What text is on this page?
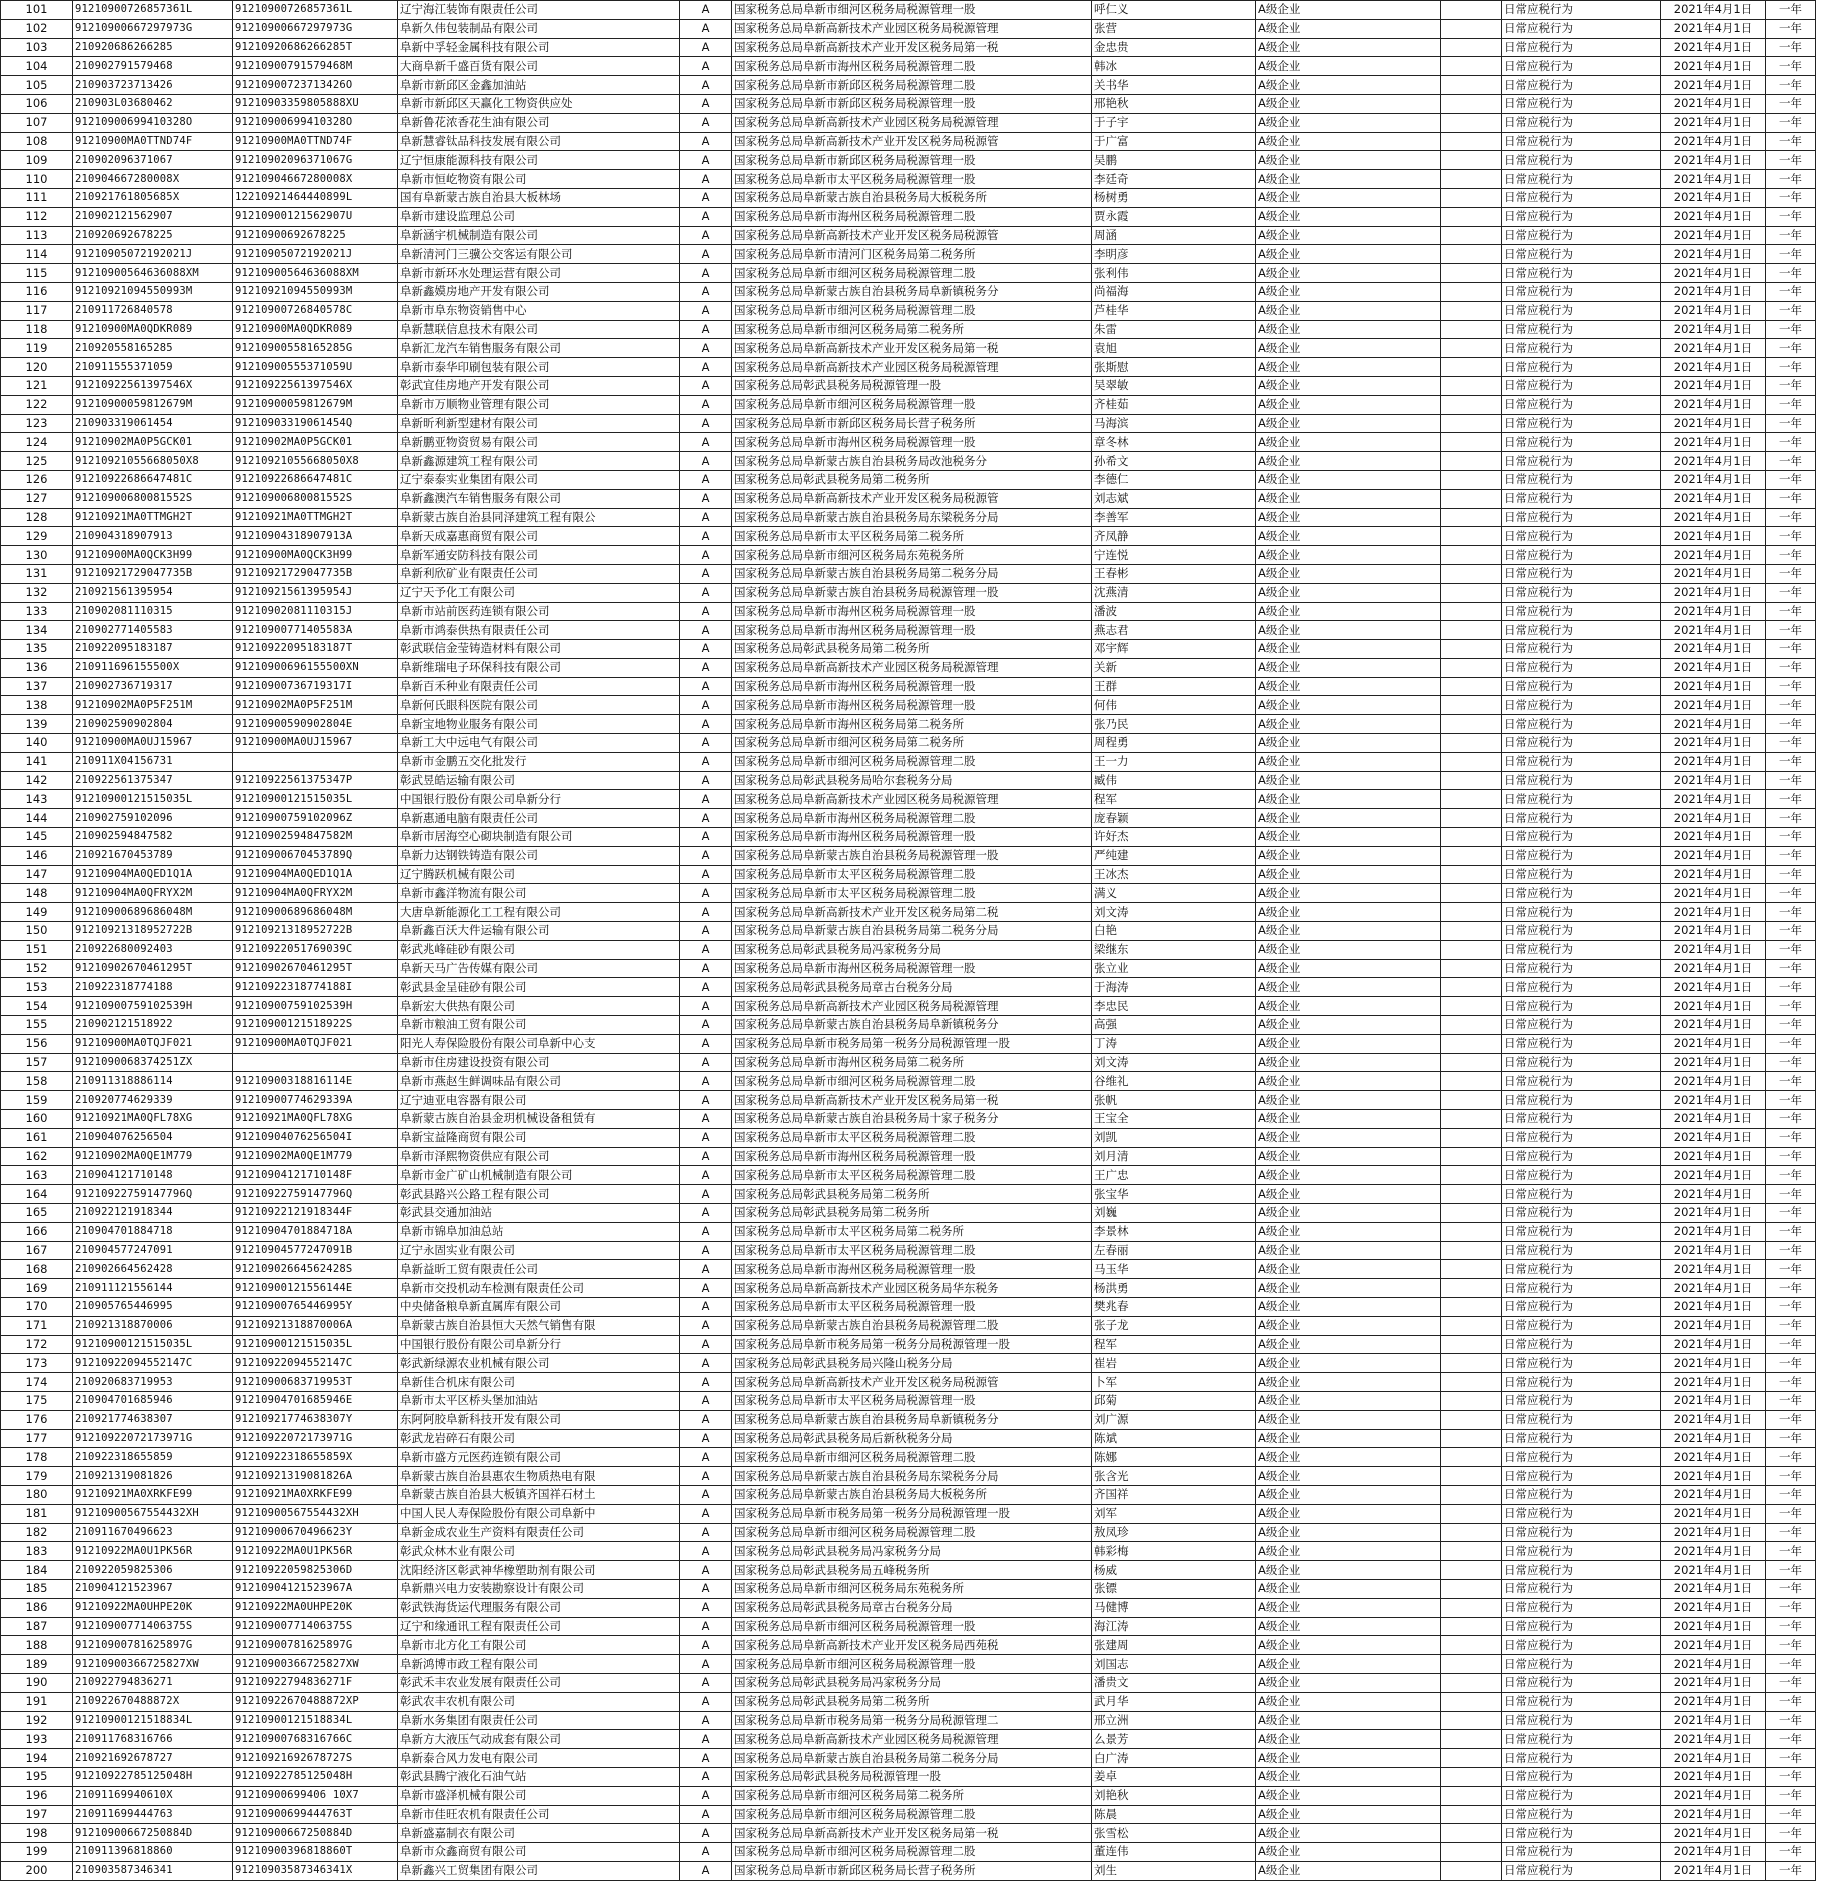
101	91210900726857361L	91210900726857361L	辽宁海江装饰有限责任公司	A	国家税务总局阜新市细河区税务局税源管理一股	呼仁义	A级企业		日常应税行为	2021年4月1日	一年
102	91210900667297973G	91210900667297973G	阜新久伟包装制品有限公司	A	国家税务总局阜新高新技术产业园区税务局税源管理	张营	A级企业		日常应税行为	2021年4月1日	一年
103	210920686266285	91210920686266285T	阜新中孚轻金属科技有限公司	A	国家税务总局阜新高新技术产业开发区税务局第一税	金忠贵	A级企业		日常应税行为	2021年4月1日	一年
104	210902791579468	91210900791579468M	大商阜新千盛百货有限公司	A	国家税务总局阜新市海州区税务局税源管理二股	韩冰	A级企业		日常应税行为	2021年4月1日	一年
105	210903723713426	91210900723713426O	阜新市新邱区金鑫加油站	A	国家税务总局阜新市新邱区税务局税源管理二股	关书华	A级企业		日常应税行为	2021年4月1日	一年
106	210903L03680462	91210903359805888XU	阜新市新邱区天赢化工物资供应处	A	国家税务总局阜新市新邱区税务局税源管理一股	邢艳秋	A级企业		日常应税行为	2021年4月1日	一年
107	91210900699410328O	91210900699410328O	阜新鲁花浓香花生油有限公司	A	国家税务总局阜新高新技术产业园区税务局税源管理	于子宇	A级企业		日常应税行为	2021年4月1日	一年
108	91210900MA0TTND74F	91210900MA0TTND74F	阜新慧睿钛品科技发展有限公司	A	国家税务总局阜新高新技术产业开发区税务局税源管	于广富	A级企业		日常应税行为	2021年4月1日	一年
109	210902096371067	91210902096371067G	辽宁恒康能源科技有限公司	A	国家税务总局阜新市新邱区税务局税源管理一股	吴鹏	A级企业		日常应税行为	2021年4月1日	一年
110	210904667280008X	91210904667280008X	阜新市恒屹物资有限公司	A	国家税务总局阜新市太平区税务局税源管理一股	李廷奇	A级企业		日常应税行为	2021年4月1日	一年
111	210921761805685X	12210921464440899L	国有阜新蒙古族自治县大板林场	A	国家税务总局阜新蒙古族自治县税务局大板税务所	杨树勇	A级企业		日常应税行为	2021年4月1日	一年
112	210902121562907	91210900121562907U	阜新市建设监理总公司	A	国家税务总局阜新市海州区税务局税源管理二股	贾永霞	A级企业		日常应税行为	2021年4月1日	一年
113	210920692678225	91210900692678225	阜新涵宇机械制造有限公司	A	国家税务总局阜新高新技术产业开发区税务局税源管	周涵	A级企业		日常应税行为	2021年4月1日	一年
114	91210905072192021J	91210905072192021J	阜新清河门三骥公交客运有限公司	A	国家税务总局阜新市清河门区税务局第二税务所	李明彦	A级企业		日常应税行为	2021年4月1日	一年
115	91210900564636088XM	91210900564636088XM	阜新市新环水处理运营有限公司	A	国家税务总局阜新市细河区税务局税源管理二股	张利伟	A级企业		日常应税行为	2021年4月1日	一年
116	91210921094550993M	91210921094550993M	阜新鑫嫫房地产开发有限公司	A	国家税务总局阜新蒙古族自治县税务局阜新镇税务分	尚福海	A级企业		日常应税行为	2021年4月1日	一年
117	210911726840578	91210900726840578C	阜新市阜东物资销售中心	A	国家税务总局阜新市细河区税务局税源管理二股	芦桂华	A级企业		日常应税行为	2021年4月1日	一年
118	91210900MA0QDKR089	91210900MA0QDKR089	阜新慧联信息技术有限公司	A	国家税务总局阜新市细河区税务局第二税务所	朱雷	A级企业		日常应税行为	2021年4月1日	一年
119	210920558165285	91210900558165285G	阜新汇龙汽车销售服务有限公司	A	国家税务总局阜新高新技术产业开发区税务局第一税	袁旭	A级企业		日常应税行为	2021年4月1日	一年
120	210911555371059	91210900555371059U	阜新市泰华印刷包装有限公司	A	国家税务总局阜新高新技术产业园区税务局税源管理	张斯慰	A级企业		日常应税行为	2021年4月1日	一年
121	91210922561397546X	91210922561397546X	彰武宜佳房地产开发有限公司	A	国家税务总局彰武县税务局税源管理一股	吴翠敏	A级企业		日常应税行为	2021年4月1日	一年
122	91210900059812679M	91210900059812679M	阜新市万顺物业管理有限公司	A	国家税务总局阜新市细河区税务局税源管理一股	齐桂茹	A级企业		日常应税行为	2021年4月1日	一年
123	210903319061454	91210903319061454Q	阜新昕利新型建材有限公司	A	国家税务总局阜新市新邱区税务局长营子税务所	马海滨	A级企业		日常应税行为	2021年4月1日	一年
124	91210902MA0P5GCK01	91210902MA0P5GCK01	阜新鹏亚物资贸易有限公司	A	国家税务总局阜新市海州区税务局税源管理一股	章冬林	A级企业		日常应税行为	2021年4月1日	一年
125	91210921055668050X8	91210921055668050X8	阜新鑫源建筑工程有限公司	A	国家税务总局阜新蒙古族自治县税务局改池税务分	孙希文	A级企业		日常应税行为	2021年4月1日	一年
126	91210922686647481C	91210922686647481C	辽宁泰泰实业集团有限公司	A	国家税务总局彰武县税务局第二税务所	李德仁	A级企业		日常应税行为	2021年4月1日	一年
127	91210900680081552S	91210900680081552S	阜新鑫澳汽车销售服务有限公司	A	国家税务总局阜新高新技术产业开发区税务局税源管	刘志斌	A级企业		日常应税行为	2021年4月1日	一年
128	91210921MA0TTMGH2T	91210921MA0TTMGH2T	阜新蒙古族自治县同泽建筑工程有限公	A	国家税务总局阜新蒙古族自治县税务局东梁税务分局	李善军	A级企业		日常应税行为	2021年4月1日	一年
129	210904318907913	91210904318907913A	阜新天成嘉惠商贸有限公司	A	国家税务总局阜新市太平区税务局第二税务所	齐凤静	A级企业		日常应税行为	2021年4月1日	一年
130	91210900MA0QCK3H99	91210900MA0QCK3H99	阜新军通安防科技有限公司	A	国家税务总局阜新市细河区税务局东苑税务所	宁连悦	A级企业		日常应税行为	2021年4月1日	一年
131	91210921729047735B	91210921729047735B	阜新利欣矿业有限责任公司	A	国家税务总局阜新蒙古族自治县税务局第二税务分局	王春彬	A级企业		日常应税行为	2021年4月1日	一年
132	210921561395954	91210921561395954J	辽宁天予化工有限公司	A	国家税务总局阜新蒙古族自治县税务局税源管理一股	沈燕清	A级企业		日常应税行为	2021年4月1日	一年
133	210902081110315	91210902081110315J	阜新市站前医药连锁有限公司	A	国家税务总局阜新市海州区税务局税源管理一股	潘波	A级企业		日常应税行为	2021年4月1日	一年
134	210902771405583	91210900771405583A	阜新市鸿泰供热有限责任公司	A	国家税务总局阜新市海州区税务局税源管理一股	燕志君	A级企业		日常应税行为	2021年4月1日	一年
135	210922095183187	91210922095183187T	彰武联信金莹铸造材料有限公司	A	国家税务总局彰武县税务局第二税务所	邓宇辉	A级企业		日常应税行为	2021年4月1日	一年
136	210911696155500X	91210900696155500XN	阜新维瑞电子环保科技有限公司	A	国家税务总局阜新高新技术产业园区税务局税源管理	关新	A级企业		日常应税行为	2021年4月1日	一年
137	210902736719317	91210900736719317I	阜新百禾种业有限责任公司	A	国家税务总局阜新市海州区税务局税源管理一股	王群	A级企业		日常应税行为	2021年4月1日	一年
138	91210902MA0P5F251M	91210902MA0P5F251M	阜新何氏眼科医院有限公司	A	国家税务总局阜新市海州区税务局税源管理一股	何伟	A级企业		日常应税行为	2021年4月1日	一年
139	210902590902804	91210900590902804E	阜新宝地物业服务有限公司	A	国家税务总局阜新市海州区税务局第二税务所	张乃民	A级企业		日常应税行为	2021年4月1日	一年
140	91210900MA0UJ15967	91210900MA0UJ15967	阜新工大中远电气有限公司	A	国家税务总局阜新市细河区税务局第二税务所	周程勇	A级企业		日常应税行为	2021年4月1日	一年
141	210911X04156731		阜新市金鹏五交化批发行	A	国家税务总局阜新市细河区税务局税源管理二股	王一力	A级企业		日常应税行为	2021年4月1日	一年
142	210922561375347	91210922561375347P	彰武昱皓运输有限公司	A	国家税务总局彰武县税务局哈尔套税务分局	臧伟	A级企业		日常应税行为	2021年4月1日	一年
143	91210900121515035L	91210900121515035L	中国银行股份有限公司阜新分行	A	国家税务总局阜新高新技术产业园区税务局税源管理	程军	A级企业		日常应税行为	2021年4月1日	一年
144	210902759102096	91210900759102096Z	阜新惠通电脑有限责任公司	A	国家税务总局阜新市海州区税务局税源管理二股	庞春颖	A级企业		日常应税行为	2021年4月1日	一年
145	210902594847582	91210902594847582M	阜新市居海空心砌块制造有限公司	A	国家税务总局阜新市海州区税务局税源管理一股	许好杰	A级企业		日常应税行为	2021年4月1日	一年
146	210921670453789	91210900670453789Q	阜新力达钢铁铸造有限公司	A	国家税务总局阜新蒙古族自治县税务局税源管理一股	严纯建	A级企业		日常应税行为	2021年4月1日	一年
147	91210904MA0QED1Q1A	91210904MA0QED1Q1A	辽宁腾跃机械有限公司	A	国家税务总局阜新市太平区税务局税源管理二股	王冰杰	A级企业		日常应税行为	2021年4月1日	一年
148	91210904MA0QFRYX2M	91210904MA0QFRYX2M	阜新市鑫洋物流有限公司	A	国家税务总局阜新市太平区税务局税源管理二股	满义	A级企业		日常应税行为	2021年4月1日	一年
149	91210900689686048M	91210900689686048M	大唐阜新能源化工工程有限公司	A	国家税务总局阜新高新技术产业开发区税务局第二税	刘文涛	A级企业		日常应税行为	2021年4月1日	一年
150	91210921318952722B	91210921318952722B	阜新鑫百沃大件运输有限公司	A	国家税务总局阜新蒙古族自治县税务局第二税务分局	白艳	A级企业		日常应税行为	2021年4月1日	一年
151	210922680092403	91210922051769039C	彰武兆峰硅砂有限公司	A	国家税务总局彰武县税务局冯家税务分局	梁继东	A级企业		日常应税行为	2021年4月1日	一年
152	91210902670461295T	91210902670461295T	阜新天马广告传媒有限公司	A	国家税务总局阜新市海州区税务局税源管理一股	张立业	A级企业		日常应税行为	2021年4月1日	一年
153	210922318774188	91210922318774188I	彰武县金呈硅砂有限公司	A	国家税务总局彰武县税务局章古台税务分局	于海涛	A级企业		日常应税行为	2021年4月1日	一年
154	91210900759102539H	91210900759102539H	阜新宏大供热有限公司	A	国家税务总局阜新高新技术产业园区税务局税源管理	李忠民	A级企业		日常应税行为	2021年4月1日	一年
155	210902121518922	91210900121518922S	阜新市粮油工贸有限公司	A	国家税务总局阜新蒙古族自治县税务局阜新镇税务分	高强	A级企业		日常应税行为	2021年4月1日	一年
156	91210900MA0TQJF021	91210900MA0TQJF021	阳光人寿保险股份有限公司阜新中心支	A	国家税务总局阜新市税务局第一税务分局税源管理一股	丁涛	A级企业		日常应税行为	2021年4月1日	一年
157	9121090068374251ZX		阜新市住房建设投资有限公司	A	国家税务总局阜新市海州区税务局第二税务所	刘文涛	A级企业		日常应税行为	2021年4月1日	一年
158	210911318886114	91210900318816114E	阜新市燕赵生鲜调味品有限公司	A	国家税务总局阜新市细河区税务局税源管理二股	谷维礼	A级企业		日常应税行为	2021年4月1日	一年
159	210920774629339	91210900774629339A	辽宁迪亚电容器有限公司	A	国家税务总局阜新高新技术产业开发区税务局第一税	张帆	A级企业		日常应税行为	2021年4月1日	一年
160	91210921MA0QFL78XG	91210921MA0QFL78XG	阜新蒙古族自治县金玥机械设备租赁有	A	国家税务总局阜新蒙古族自治县税务局十家子税务分	王宝全	A级企业		日常应税行为	2021年4月1日	一年
161	210904076256504	91210904076256504I	阜新宝益隆商贸有限公司	A	国家税务总局阜新市太平区税务局税源管理二股	刘凯	A级企业		日常应税行为	2021年4月1日	一年
162	91210902MA0QE1M779	91210902MA0QE1M779	阜新市泽熙物资供应有限公司	A	国家税务总局阜新市海州区税务局税源管理一股	刘月清	A级企业		日常应税行为	2021年4月1日	一年
163	210904121710148	91210904121710148F	阜新市金广矿山机械制造有限公司	A	国家税务总局阜新市太平区税务局税源管理二股	王广忠	A级企业		日常应税行为	2021年4月1日	一年
164	91210922759147796Q	91210922759147796Q	彰武县路兴公路工程有限公司	A	国家税务总局彰武县税务局第二税务所	张宝华	A级企业		日常应税行为	2021年4月1日	一年
165	210922121918344	91210922121918344F	彰武县交通加油站	A	国家税务总局彰武县税务局第二税务所	刘巍	A级企业		日常应税行为	2021年4月1日	一年
166	210904701884718	91210904701884718A	阜新市锦阜加油总站	A	国家税务总局阜新市太平区税务局第二税务所	李景林	A级企业		日常应税行为	2021年4月1日	一年
167	210904577247091	91210904577247091B	辽宁永固实业有限公司	A	国家税务总局阜新市太平区税务局税源管理二股	左春丽	A级企业		日常应税行为	2021年4月1日	一年
168	210902664562428	91210902664562428S	阜新益昕工贸有限责任公司	A	国家税务总局阜新市海州区税务局税源管理一股	马玉华	A级企业		日常应税行为	2021年4月1日	一年
169	210911121556144	91210900121556144E	阜新市交投机动车检测有限责任公司	A	国家税务总局阜新高新技术产业园区税务局华东税务	杨洪勇	A级企业		日常应税行为	2021年4月1日	一年
170	210905765446995	91210900765446995Y	中央储备粮阜新直属库有限公司	A	国家税务总局阜新市太平区税务局税源管理一股	樊兆春	A级企业		日常应税行为	2021年4月1日	一年
171	210921318870006	91210921318870006A	阜新蒙古族自治县恒大天然气销售有限	A	国家税务总局阜新蒙古族自治县税务局税源管理二股	张子龙	A级企业		日常应税行为	2021年4月1日	一年
172	91210900121515035L	91210900121515035L	中国银行股份有限公司阜新分行	A	国家税务总局阜新市税务局第一税务分局税源管理一股	程军	A级企业		日常应税行为	2021年4月1日	一年
173	91210922094552147C	91210922094552147C	彰武新绿源农业机械有限公司	A	国家税务总局彰武县税务局兴隆山税务分局	崔岩	A级企业		日常应税行为	2021年4月1日	一年
174	210920683719953	91210900683719953T	阜新佳合机床有限公司	A	国家税务总局阜新高新技术产业开发区税务局税源管	卜军	A级企业		日常应税行为	2021年4月1日	一年
175	210904701685946	91210904701685946E	阜新市太平区桥头堡加油站	A	国家税务总局阜新市太平区税务局税源管理一股	邱菊	A级企业		日常应税行为	2021年4月1日	一年
176	210921774638307	91210921774638307Y	东阿阿胶阜新科技开发有限公司	A	国家税务总局阜新蒙古族自治县税务局阜新镇税务分	刘广源	A级企业		日常应税行为	2021年4月1日	一年
177	91210922072173971G	91210922072173971G	彰武龙岩碎石有限公司	A	国家税务总局彰武县税务局后新秋税务分局	陈斌	A级企业		日常应税行为	2021年4月1日	一年
178	210922318655859	91210922318655859X	阜新市盛方元医药连锁有限公司	A	国家税务总局阜新市细河区税务局税源管理二股	陈娜	A级企业		日常应税行为	2021年4月1日	一年
179	210921319081826	91210921319081826A	阜新蒙古族自治县惠农生物质热电有限	A	国家税务总局阜新蒙古族自治县税务局东梁税务分局	张含光	A级企业		日常应税行为	2021年4月1日	一年
180	91210921MA0XRKFE99	91210921MA0XRKFE99	阜新蒙古族自治县大板镇齐国祥石材土	A	国家税务总局阜新蒙古族自治县税务局大板税务所	齐国祥	A级企业		日常应税行为	2021年4月1日	一年
181	91210900567554432XH	91210900567554432XH	中国人民人寿保险股份有限公司阜新中	A	国家税务总局阜新市税务局第一税务分局税源管理一股	刘军	A级企业		日常应税行为	2021年4月1日	一年
182	210911670496623	91210900670496623Y	阜新金成农业生产资料有限责任公司	A	国家税务总局阜新市细河区税务局税源管理二股	敖凤珍	A级企业		日常应税行为	2021年4月1日	一年
183	91210922MA0U1PK56R	91210922MA0U1PK56R	彰武众林木业有限公司	A	国家税务总局彰武县税务局冯家税务分局	韩彩梅	A级企业		日常应税行为	2021年4月1日	一年
184	210922059825306	91210922059825306D	沈阳经济区彰武神华橡塑助剂有限公司	A	国家税务总局彰武县税务局五峰税务所	杨威	A级企业		日常应税行为	2021年4月1日	一年
185	210904121523967	91210904121523967A	阜新鼎兴电力安装勘察设计有限公司	A	国家税务总局阜新市细河区税务局东苑税务所	张镖	A级企业		日常应税行为	2021年4月1日	一年
186	91210922MA0UHPE20K	91210922MA0UHPE20K	彰武铁海货运代理服务有限公司	A	国家税务总局彰武县税务局章古台税务分局	马健博	A级企业		日常应税行为	2021年4月1日	一年
187	91210900771406375S	91210900771406375S	辽宁和缘通讯工程有限责任公司	A	国家税务总局阜新市细河区税务局税源管理一股	海江涛	A级企业		日常应税行为	2021年4月1日	一年
188	91210900781625897G	91210900781625897G	阜新市北方化工有限公司	A	国家税务总局阜新高新技术产业开发区税务局西苑税	张建周	A级企业		日常应税行为	2021年4月1日	一年
189	91210900366725827XW	91210900366725827XW	阜新鸿博市政工程有限公司	A	国家税务总局阜新市细河区税务局税源管理一股	刘国志	A级企业		日常应税行为	2021年4月1日	一年
190	210922794836271	91210922794836271F	彰武禾丰农业发展有限责任公司	A	国家税务总局彰武县税务局冯家税务分局	潘贵文	A级企业		日常应税行为	2021年4月1日	一年
191	210922670488872X	91210922670488872XP	彰武农丰农机有限公司	A	国家税务总局彰武县税务局第二税务所	武月华	A级企业		日常应税行为	2021年4月1日	一年
192	91210900121518834L	91210900121518834L	阜新水务集团有限责任公司	A	国家税务总局阜新市税务局第一税务分局税源管理二	邢立洲	A级企业		日常应税行为	2021年4月1日	一年
193	210911768316766	91210900768316766C	阜新方大液压气动成套有限公司	A	国家税务总局阜新高新技术产业园区税务局税源管理	么景芳	A级企业		日常应税行为	2021年4月1日	一年
194	210921692678727	91210921692678727S	阜新泰合风力发电有限公司	A	国家税务总局阜新蒙古族自治县税务局第二税务分局	白广涛	A级企业		日常应税行为	2021年4月1日	一年
195	91210922785125048H	91210922785125048H	彰武县腾宁液化石油气站	A	国家税务总局彰武县税务局税源管理一股	姜卓	A级企业		日常应税行为	2021年4月1日	一年
196	21091169940610X	91210900699406 10X7	阜新市盛泽机械有限公司	A	国家税务总局阜新市细河区税务局第二税务所	刘艳秋	A级企业		日常应税行为	2021年4月1日	一年
197	210911699444763	91210900699444763T	阜新市佳旺农机有限责任公司	A	国家税务总局阜新市细河区税务局税源管理二股	陈晨	A级企业		日常应税行为	2021年4月1日	一年
198	91210900667250884D	91210900667250884D	阜新盛嘉制衣有限公司	A	国家税务总局阜新高新技术产业开发区税务局第一税	张雪松	A级企业		日常应税行为	2021年4月1日	一年
199	210911396818860	91210900396818860T	阜新市众鑫商贸有限公司	A	国家税务总局阜新市细河区税务局税源管理二股	董连伟	A级企业		日常应税行为	2021年4月1日	一年
200	210903587346341	91210903587346341X	阜新鑫兴工贸集团有限公司	A	国家税务总局阜新市新邱区税务局长营子税务所	刘生	A级企业		日常应税行为	2021年4月1日	一年
